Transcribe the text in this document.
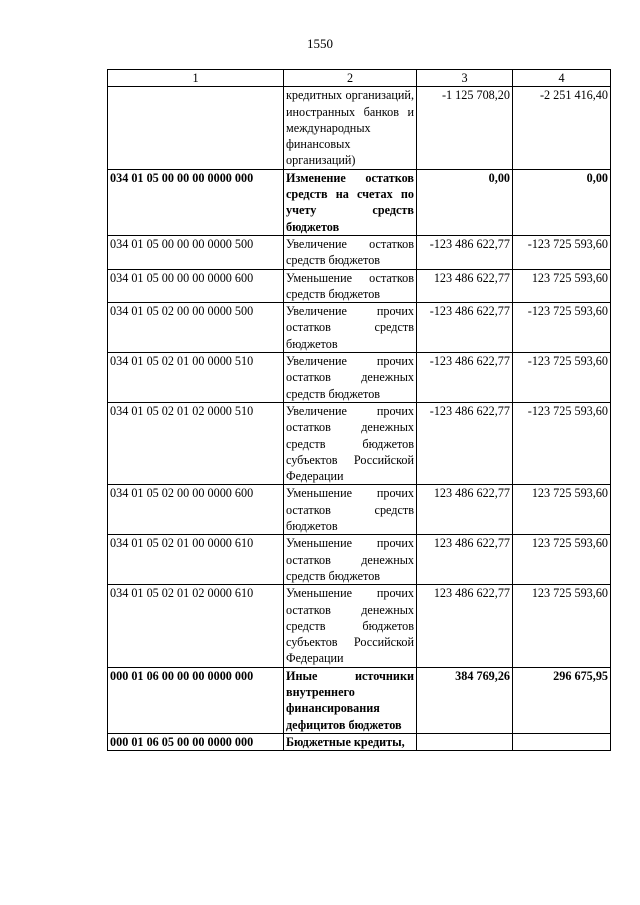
1550
1	2	3	4
	кредитных организаций, иностранных банков и международных финансовых организаций)	-1 125 708,20	-2 251 416,40
034 01 05 00 00 00 0000 000	Изменение остатков средств на счетах по учету средств бюджетов	0,00	0,00
034 01 05 00 00 00 0000 500	Увеличение остатков средств бюджетов	-123 486 622,77	-123 725 593,60
034 01 05 00 00 00 0000 600	Уменьшение остатков средств бюджетов	123 486 622,77	123 725 593,60
034 01 05 02 00 00 0000 500	Увеличение прочих остатков средств бюджетов	-123 486 622,77	-123 725 593,60
034 01 05 02 01 00 0000 510	Увеличение прочих остатков денежных средств бюджетов	-123 486 622,77	-123 725 593,60
034 01 05 02 01 02 0000 510	Увеличение прочих остатков денежных средств бюджетов субъектов Российской Федерации	-123 486 622,77	-123 725 593,60
034 01 05 02 00 00 0000 600	Уменьшение прочих остатков средств бюджетов	123 486 622,77	123 725 593,60
034 01 05 02 01 00 0000 610	Уменьшение прочих остатков денежных средств бюджетов	123 486 622,77	123 725 593,60
034 01 05 02 01 02 0000 610	Уменьшение прочих остатков денежных средств бюджетов субъектов Российской Федерации	123 486 622,77	123 725 593,60
000 01 06 00 00 00 0000 000	Иные источники внутреннего финансирования дефицитов бюджетов	384 769,26	296 675,95
000 01 06 05 00 00 0000 000	Бюджетные кредиты,		
